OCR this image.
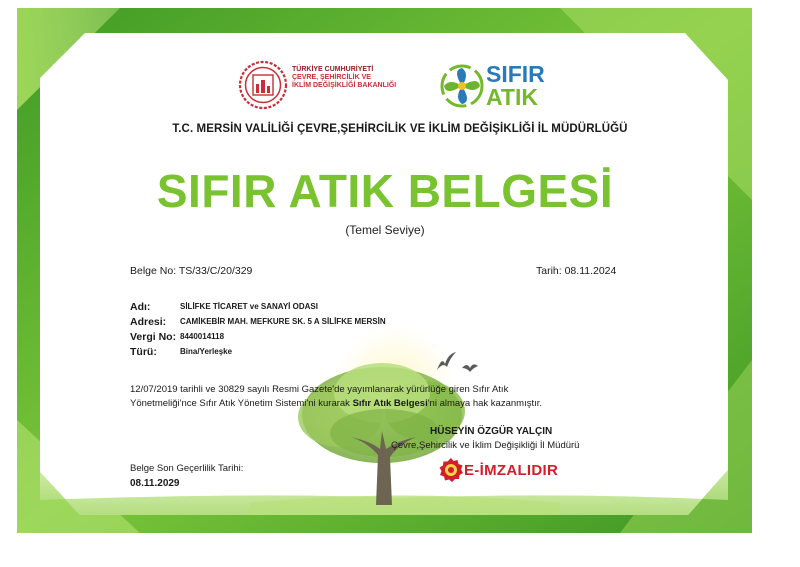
TÜRKİYE CUMHURİYETİ
ÇEVRE, ŞEHİRCİLİK VE
İKLİM DEĞİŞİKLİĞİ BAKANLIĞI	SIFIR
ATIK
T.C. MERSİN VALİLİĞİ ÇEVRE,ŞEHİRCİLİK VE İKLİM DEĞİŞİKLİĞİ İL MÜDÜRLÜĞÜ
SIFIR ATIK BELGESİ
(Temel Seviye)
Belge No: TS/33/C/20/329	Tarih: 08.11.2024
Adı:	SİLİFKE TİCARET ve SANAYİ ODASI
Adresi: CAMİKEBİR MAH. MEFKURE SK. 5 A SİLİFKE MERSİN
Vergi No: 8440014118
Türü:	Bina/Yerleşke
12/07/2019 tarihli ve 30829 sayılı Resmi Gazete'de yayımlanarak yürürlüğe giren Sıfır Atık
Yönetmeliği'nce Sıfır Atık Yönetim Sistemi'ni kurarak Sıfır Atık Belgesi'ni almaya hak kazanmıştır.
HÜSEYİN ÖZGÜR YALÇIN
Çevre,Şehircilik ve İklim Değişikliği İl Müdürü
E-İMZALIDIR
Belge Son Geçerlilik Tarihi:
08.11.2029
